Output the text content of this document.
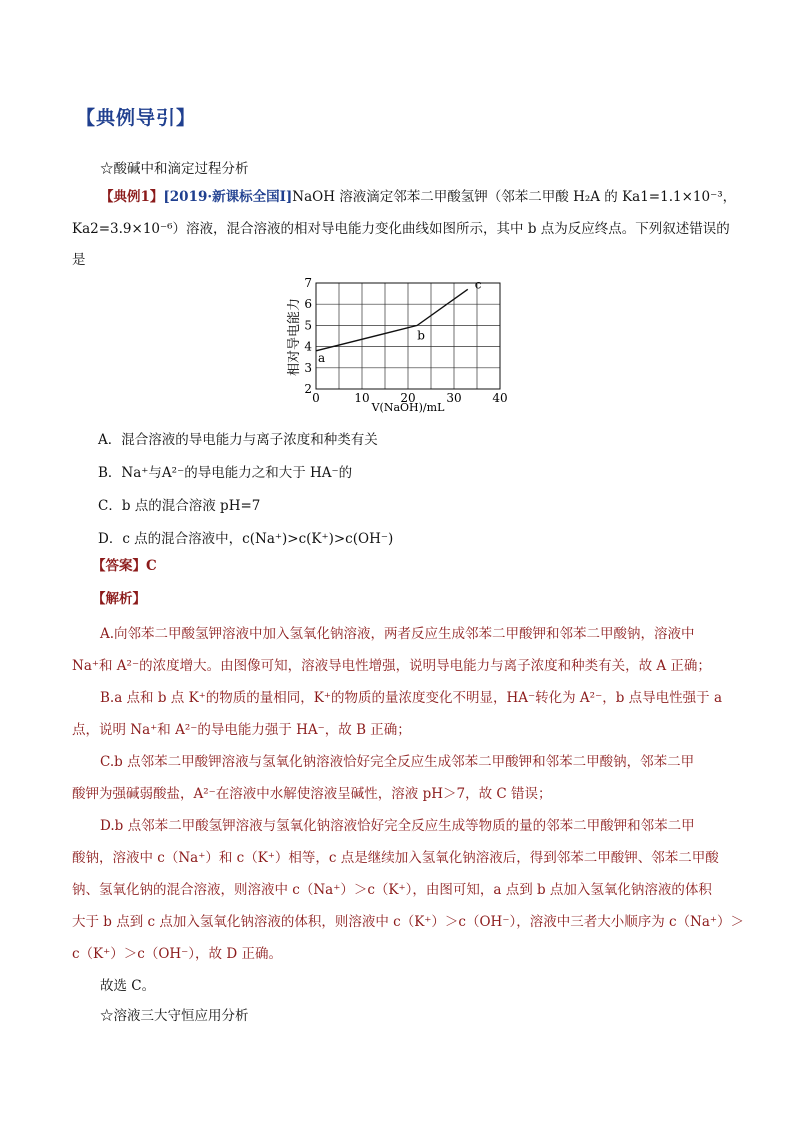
【典例导引】
☆酸碱中和滴定过程分析
【典例1】[2019·新课标全国Ⅰ]NaOH 溶液滴定邻苯二甲酸氢钾（邻苯二甲酸 H₂A 的 Ka1=1.1×10⁻³，
Ka2=3.9×10⁻⁶）溶液，混合溶液的相对导电能力变化曲线如图所示，其中 b 点为反应终点。下列叙述错误的
是
0	10	20	30	40
2
3
4
5
6
7
a
b
c
相对导电能力
V(NaOH)/mL
A．混合溶液的导电能力与离子浓度和种类有关
B．Na⁺与A²⁻的导电能力之和大于 HA⁻的
C．b 点的混合溶液 pH=7
D．c 点的混合溶液中，c(Na⁺)>c(K⁺)>c(OH⁻)
【答案】C
【解析】
A.向邻苯二甲酸氢钾溶液中加入氢氧化钠溶液，两者反应生成邻苯二甲酸钾和邻苯二甲酸钠，溶液中
Na⁺和 A²⁻的浓度增大。由图像可知，溶液导电性增强，说明导电能力与离子浓度和种类有关，故 A 正确；
B.a 点和 b 点 K⁺的物质的量相同，K⁺的物质的量浓度变化不明显，HA⁻转化为 A²⁻，b 点导电性强于 a
点，说明 Na⁺和 A²⁻的导电能力强于 HA⁻，故 B 正确；
C.b 点邻苯二甲酸钾溶液与氢氧化钠溶液恰好完全反应生成邻苯二甲酸钾和邻苯二甲酸钠，邻苯二甲
酸钾为强碱弱酸盐，A²⁻在溶液中水解使溶液呈碱性，溶液 pH＞7，故 C 错误；
D.b 点邻苯二甲酸氢钾溶液与氢氧化钠溶液恰好完全反应生成等物质的量的邻苯二甲酸钾和邻苯二甲
酸钠，溶液中 c（Na⁺）和 c（K⁺）相等，c 点是继续加入氢氧化钠溶液后，得到邻苯二甲酸钾、邻苯二甲酸
钠、氢氧化钠的混合溶液，则溶液中 c（Na⁺）＞c（K⁺），由图可知，a 点到 b 点加入氢氧化钠溶液的体积
大于 b 点到 c 点加入氢氧化钠溶液的体积，则溶液中 c（K⁺）＞c（OH⁻），溶液中三者大小顺序为 c（Na⁺）＞
c（K⁺）＞c（OH⁻），故 D 正确。
故选 C。
☆溶液三大守恒应用分析
